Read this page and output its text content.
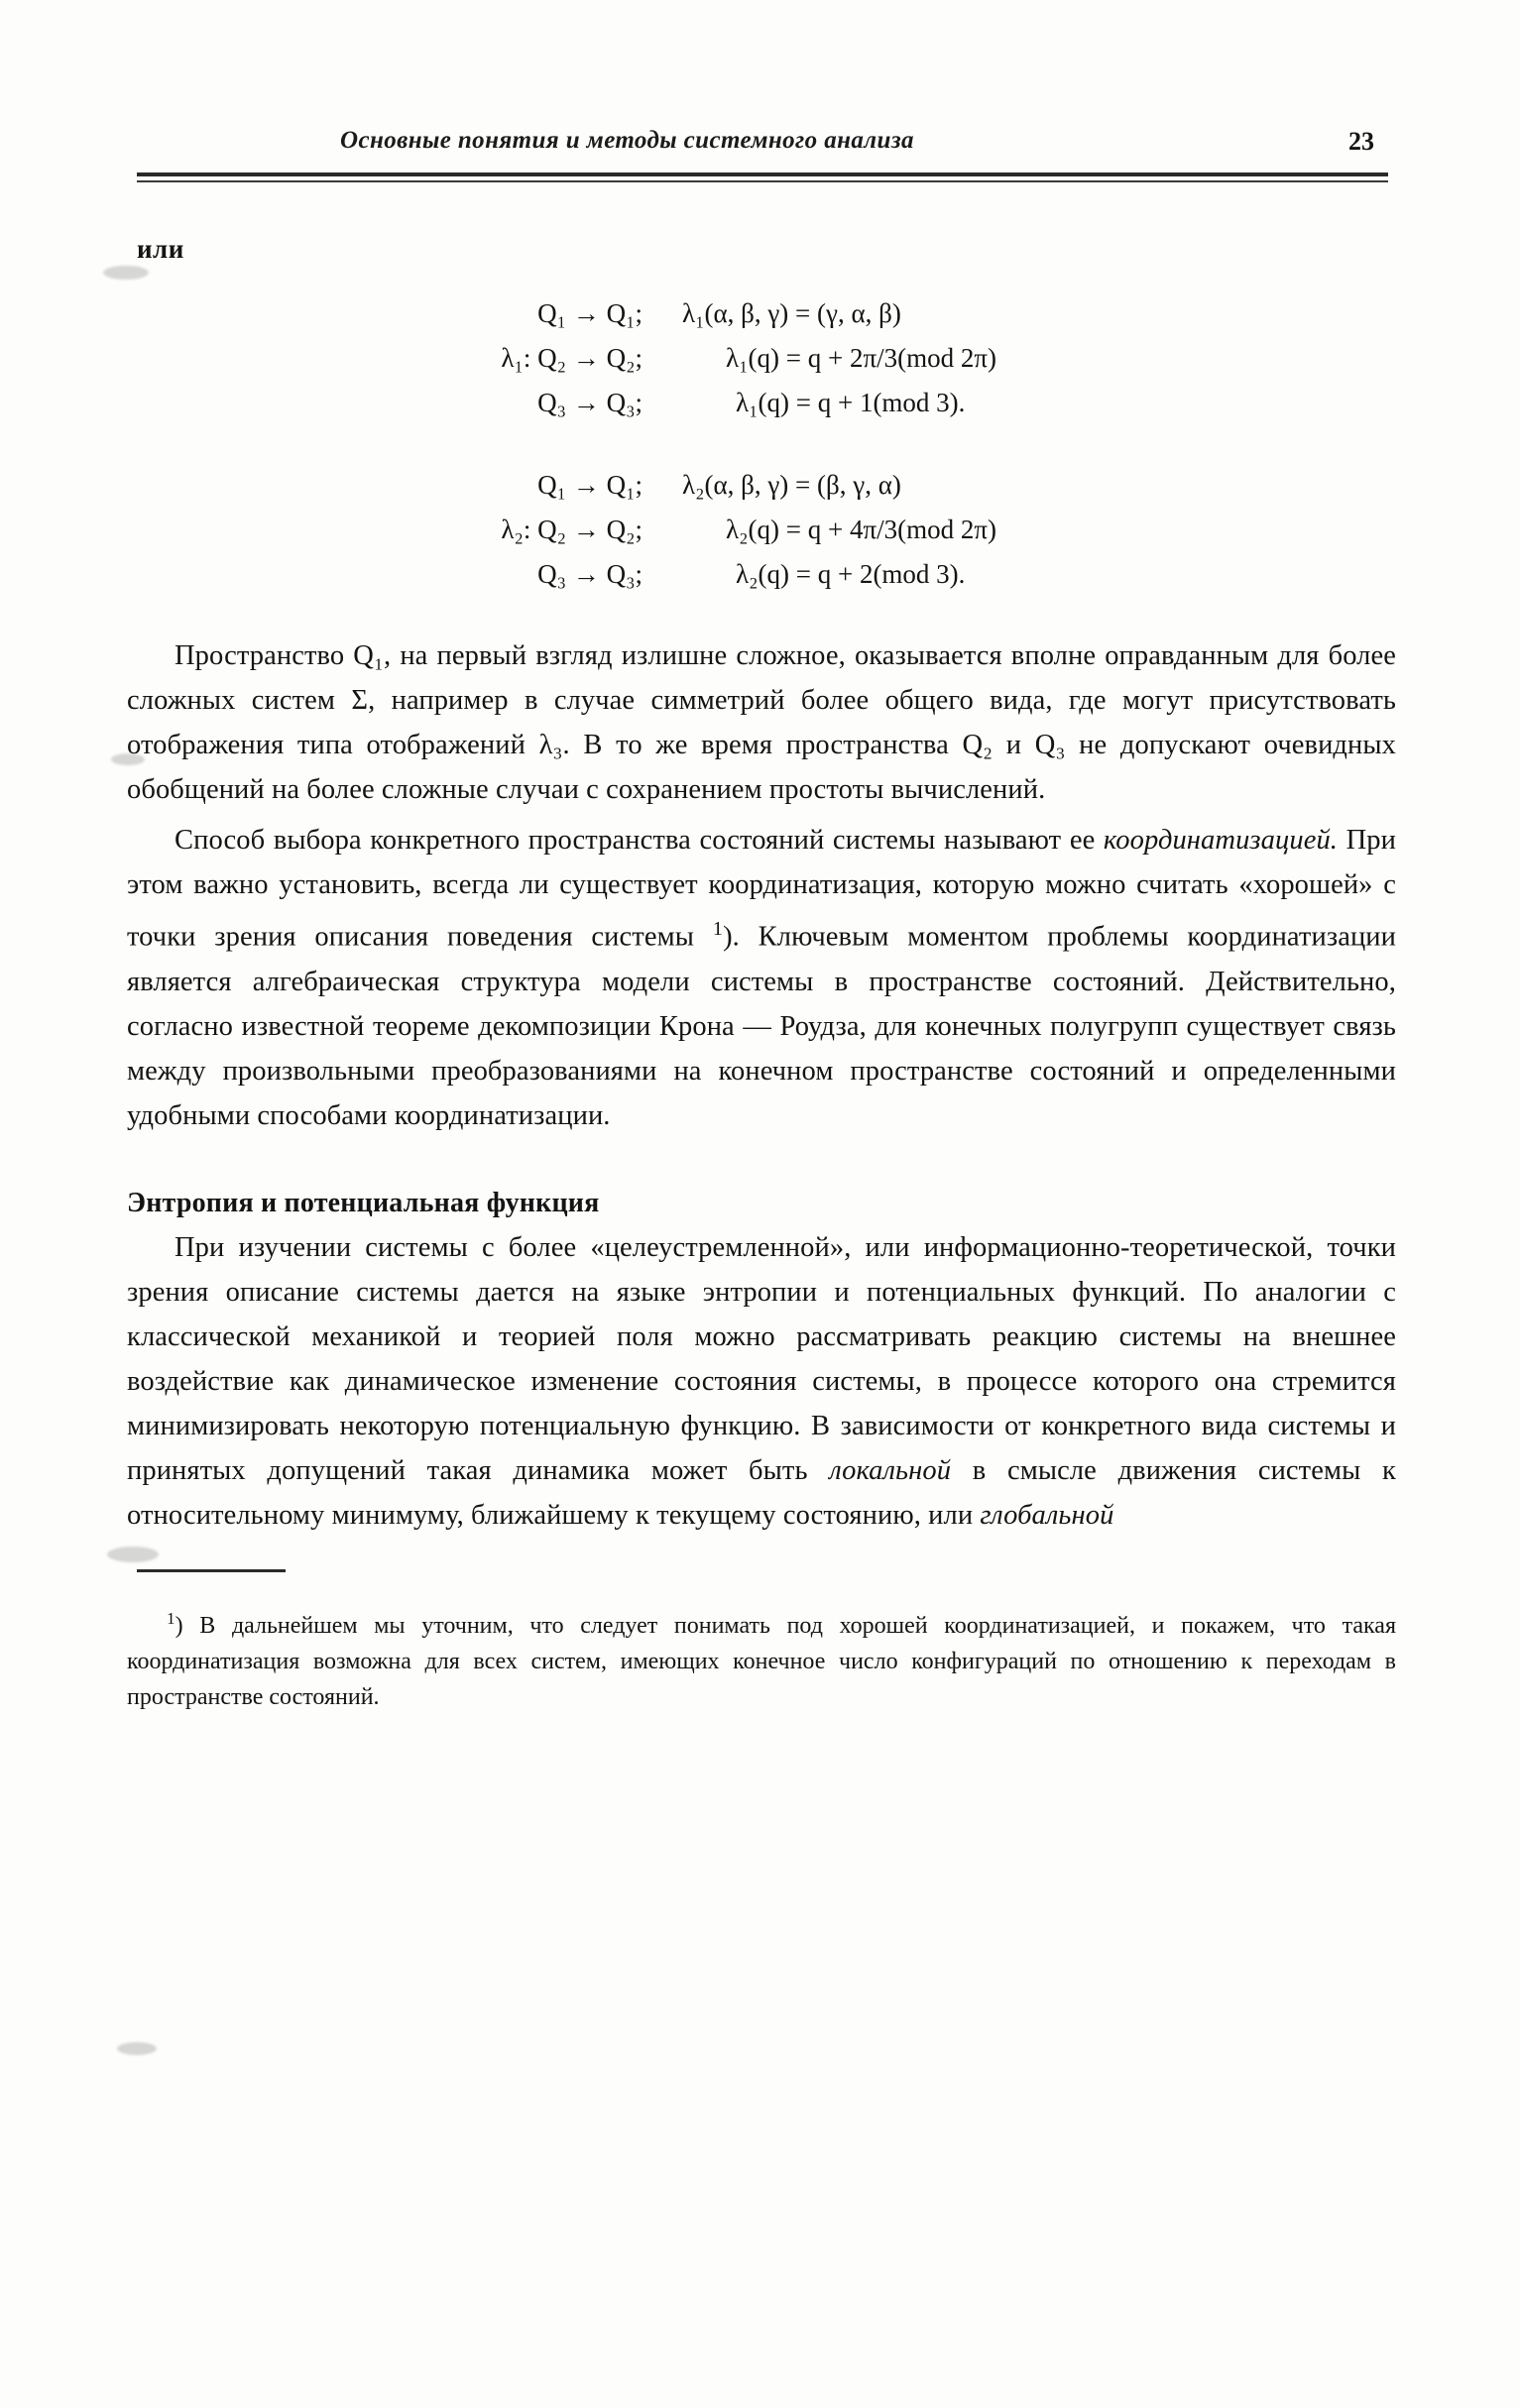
Основные понятия и методы системного анализа	23
или
Q₁ → Q₁;	λ₁(α, β, γ) = (γ, α, β)
λ₁: Q₂ → Q₂;	λ₁(q) = q + 2π/3(mod 2π)
Q₃ → Q₃;	λ₁(q) = q + 1(mod 3).
Q₁ → Q₁;	λ₂(α, β, γ) = (β, γ, α)
λ₂: Q₂ → Q₂;	λ₂(q) = q + 4π/3(mod 2π)
Q₃ → Q₃;	λ₂(q) = q + 2(mod 3).

Пространство Q₁, на первый взгляд излишне сложное, оказывается вполне оправданным для более сложных систем Σ, например в случае симметрий более общего вида, где могут присутствовать отображения типа отображений λ₃. В то же время пространства Q₂ и Q₃ не допускают очевидных обобщений на более сложные случаи с сохранением простоты вычислений.

Способ выбора конкретного пространства состояний системы называют ее координатизацией. При этом важно установить, всегда ли существует координатизация, которую можно считать «хорошей» с точки зрения описания поведения системы $^1$). Ключевым моментом проблемы координатизации является алгебраическая структура модели системы в пространстве состояний. Действительно, согласно известной теореме декомпозиции Крона — Роудза, для конечных полугрупп существует связь между произвольными преобразованиями на конечном пространстве состояний и определенными удобными способами координатизации.

Энтропия и потенциальная функция

При изучении системы с более «целеустремленной», или информационно-теоретической, точки зрения описание системы дается на языке энтропии и потенциальных функций. По аналогии с классической механикой и теорией поля можно рассматривать реакцию системы на внешнее воздействие как динамическое изменение состояния системы, в процессе которого она стремится минимизировать некоторую потенциальную функцию. В зависимости от конкретного вида системы и принятых допущений такая динамика может быть локальной в смысле движения системы к относительному минимуму, ближайшему к текущему состоянию, или глобальной

$^1$) В дальнейшем мы уточним, что следует понимать под хорошей координатизацией, и покажем, что такая координатизация возможна для всех систем, имеющих конечное число конфигураций по отношению к переходам в пространстве состояний.
